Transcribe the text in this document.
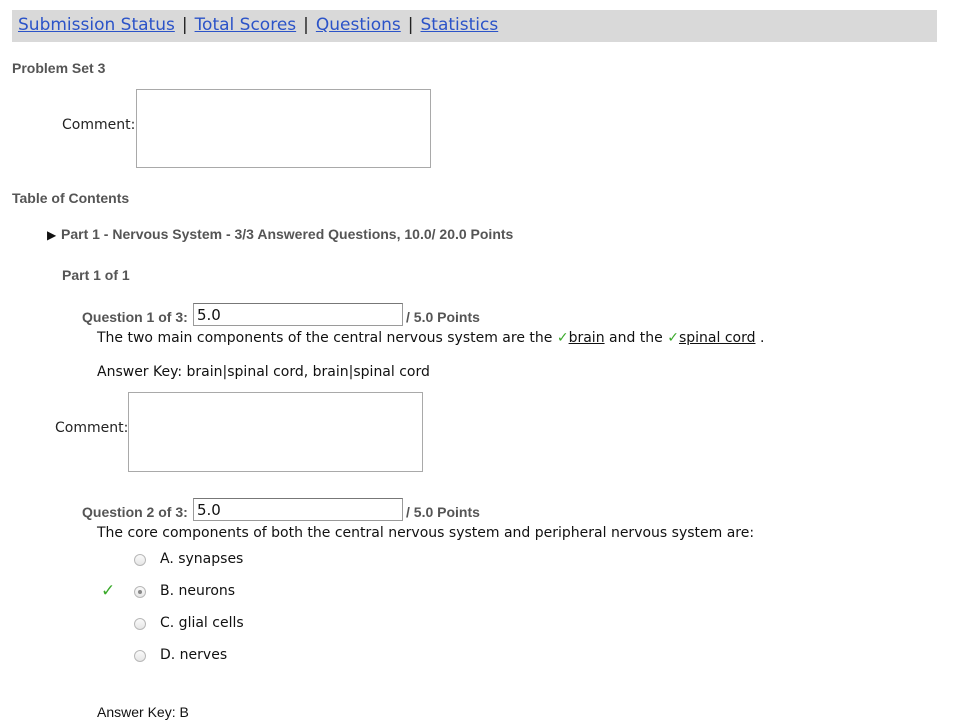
Submission Status | Total Scores | Questions | Statistics
Problem Set 3
Comment:
Table of Contents
▶ Part 1 - Nervous System - 3/3 Answered Questions, 10.0/ 20.0 Points
Part 1 of 1
Question 1 of 3:
5.0	/ 5.0 Points
The two main components of the central nervous system are the ✓brain and the ✓spinal cord .
Answer Key: brain|spinal cord, brain|spinal cord
Comment:
Question 2 of 3:
5.0	/ 5.0 Points
The core components of both the central nervous system and peripheral nervous system are:
A. synapses
✓	B. neurons
C. glial cells
D. nerves
Answer Key: B
